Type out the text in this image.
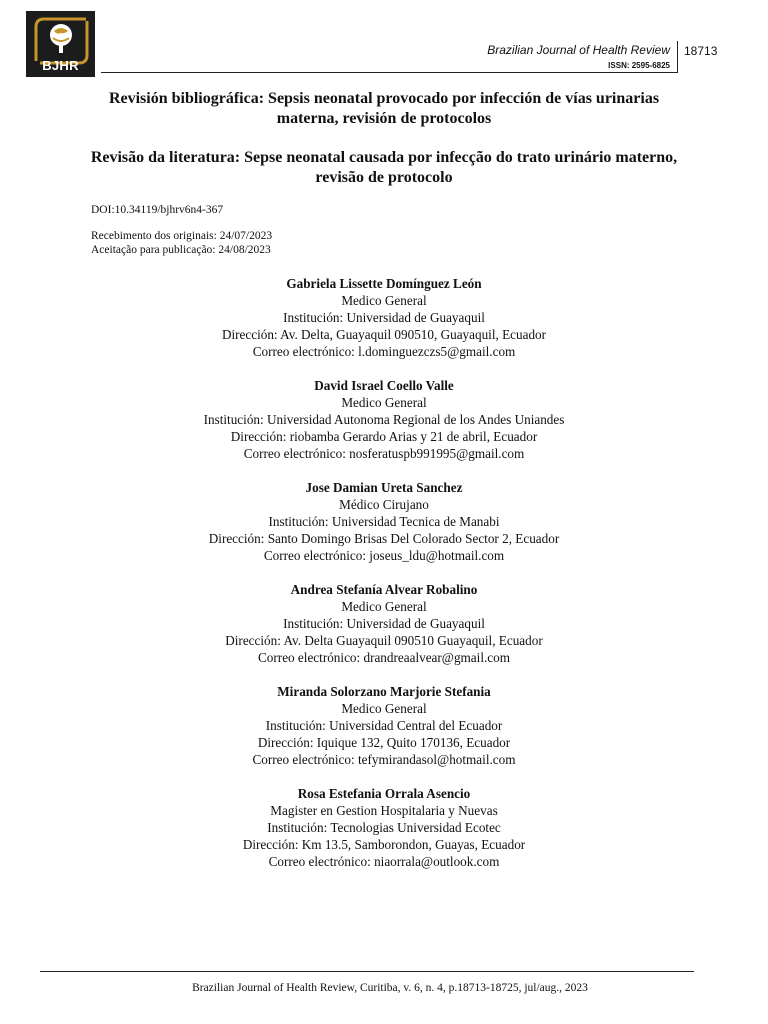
BJHR
Brazilian Journal of Health Review
ISSN: 2595-6825
18713
Revisión bibliográfica: Sepsis neonatal provocado por infección de vías urinarias materna, revisión de protocolos
Revisão da literatura: Sepse neonatal causada por infecção do trato urinário materno, revisão de protocolo
DOI:10.34119/bjhrv6n4-367
Recebimento dos originais: 24/07/2023
Aceitação para publicação: 24/08/2023
Gabriela Lissette Domínguez León
Medico General
Institución: Universidad de Guayaquil
Dirección: Av. Delta, Guayaquil 090510, Guayaquil, Ecuador
Correo electrónico: l.dominguezczs5@gmail.com
David Israel Coello Valle
Medico General
Institución: Universidad Autonoma Regional de los Andes Uniandes
Dirección: riobamba Gerardo Arias y 21 de abril, Ecuador
Correo electrónico: nosferatuspb991995@gmail.com
Jose Damian Ureta Sanchez
Médico Cirujano
Institución: Universidad Tecnica de Manabi
Dirección: Santo Domingo Brisas Del Colorado Sector 2, Ecuador
Correo electrónico: joseus_ldu@hotmail.com
Andrea Stefanía Alvear Robalino
Medico General
Institución: Universidad de Guayaquil
Dirección: Av. Delta Guayaquil 090510 Guayaquil, Ecuador
Correo electrónico: drandreaalvear@gmail.com
Miranda Solorzano Marjorie Stefania
Medico General
Institución: Universidad Central del Ecuador
Dirección: Iquique 132, Quito 170136, Ecuador
Correo electrónico: tefymirandasol@hotmail.com
Rosa Estefania Orrala Asencio
Magister en Gestion Hospitalaria y Nuevas
Institución: Tecnologias Universidad Ecotec
Dirección: Km 13.5, Samborondon, Guayas, Ecuador
Correo electrónico: niaorrala@outlook.com
Brazilian Journal of Health Review, Curitiba, v. 6, n. 4, p.18713-18725, jul/aug., 2023
